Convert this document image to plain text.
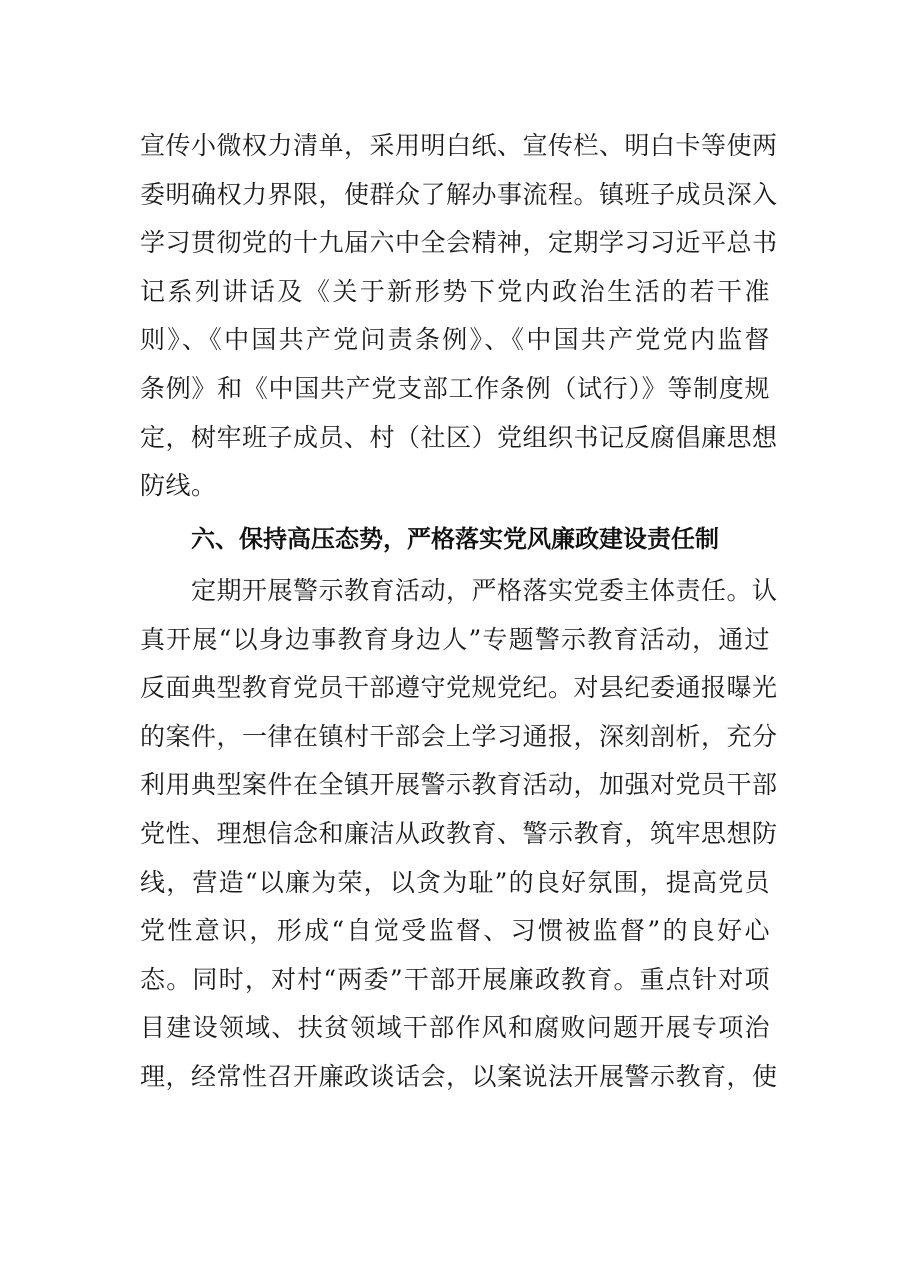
宣传小微权力清单，采用明白纸、宣传栏、明白卡等使两
委明确权力界限，使群众了解办事流程。镇班子成员深入
学习贯彻党的十九届六中全会精神，定期学习习近平总书
记系列讲话及《关于新形势下党内政治生活的若干准
则》、《中国共产党问责条例》、《中国共产党党内监督
条例》和《中国共产党支部工作条例（试行）》等制度规
定，树牢班子成员、村（社区）党组织书记反腐倡廉思想
防线。
六、保持高压态势，严格落实党风廉政建设责任制
　　定期开展警示教育活动，严格落实党委主体责任。认
真开展“以身边事教育身边人”专题警示教育活动，通过
反面典型教育党员干部遵守党规党纪。对县纪委通报曝光
的案件，一律在镇村干部会上学习通报，深刻剖析，充分
利用典型案件在全镇开展警示教育活动，加强对党员干部
党性、理想信念和廉洁从政教育、警示教育，筑牢思想防
线，营造“以廉为荣，以贪为耻”的良好氛围，提高党员
党性意识，形成“自觉受监督、习惯被监督”的良好心
态。同时，对村“两委”干部开展廉政教育。重点针对项
目建设领域、扶贫领域干部作风和腐败问题开展专项治
理，经常性召开廉政谈话会，以案说法开展警示教育，使
